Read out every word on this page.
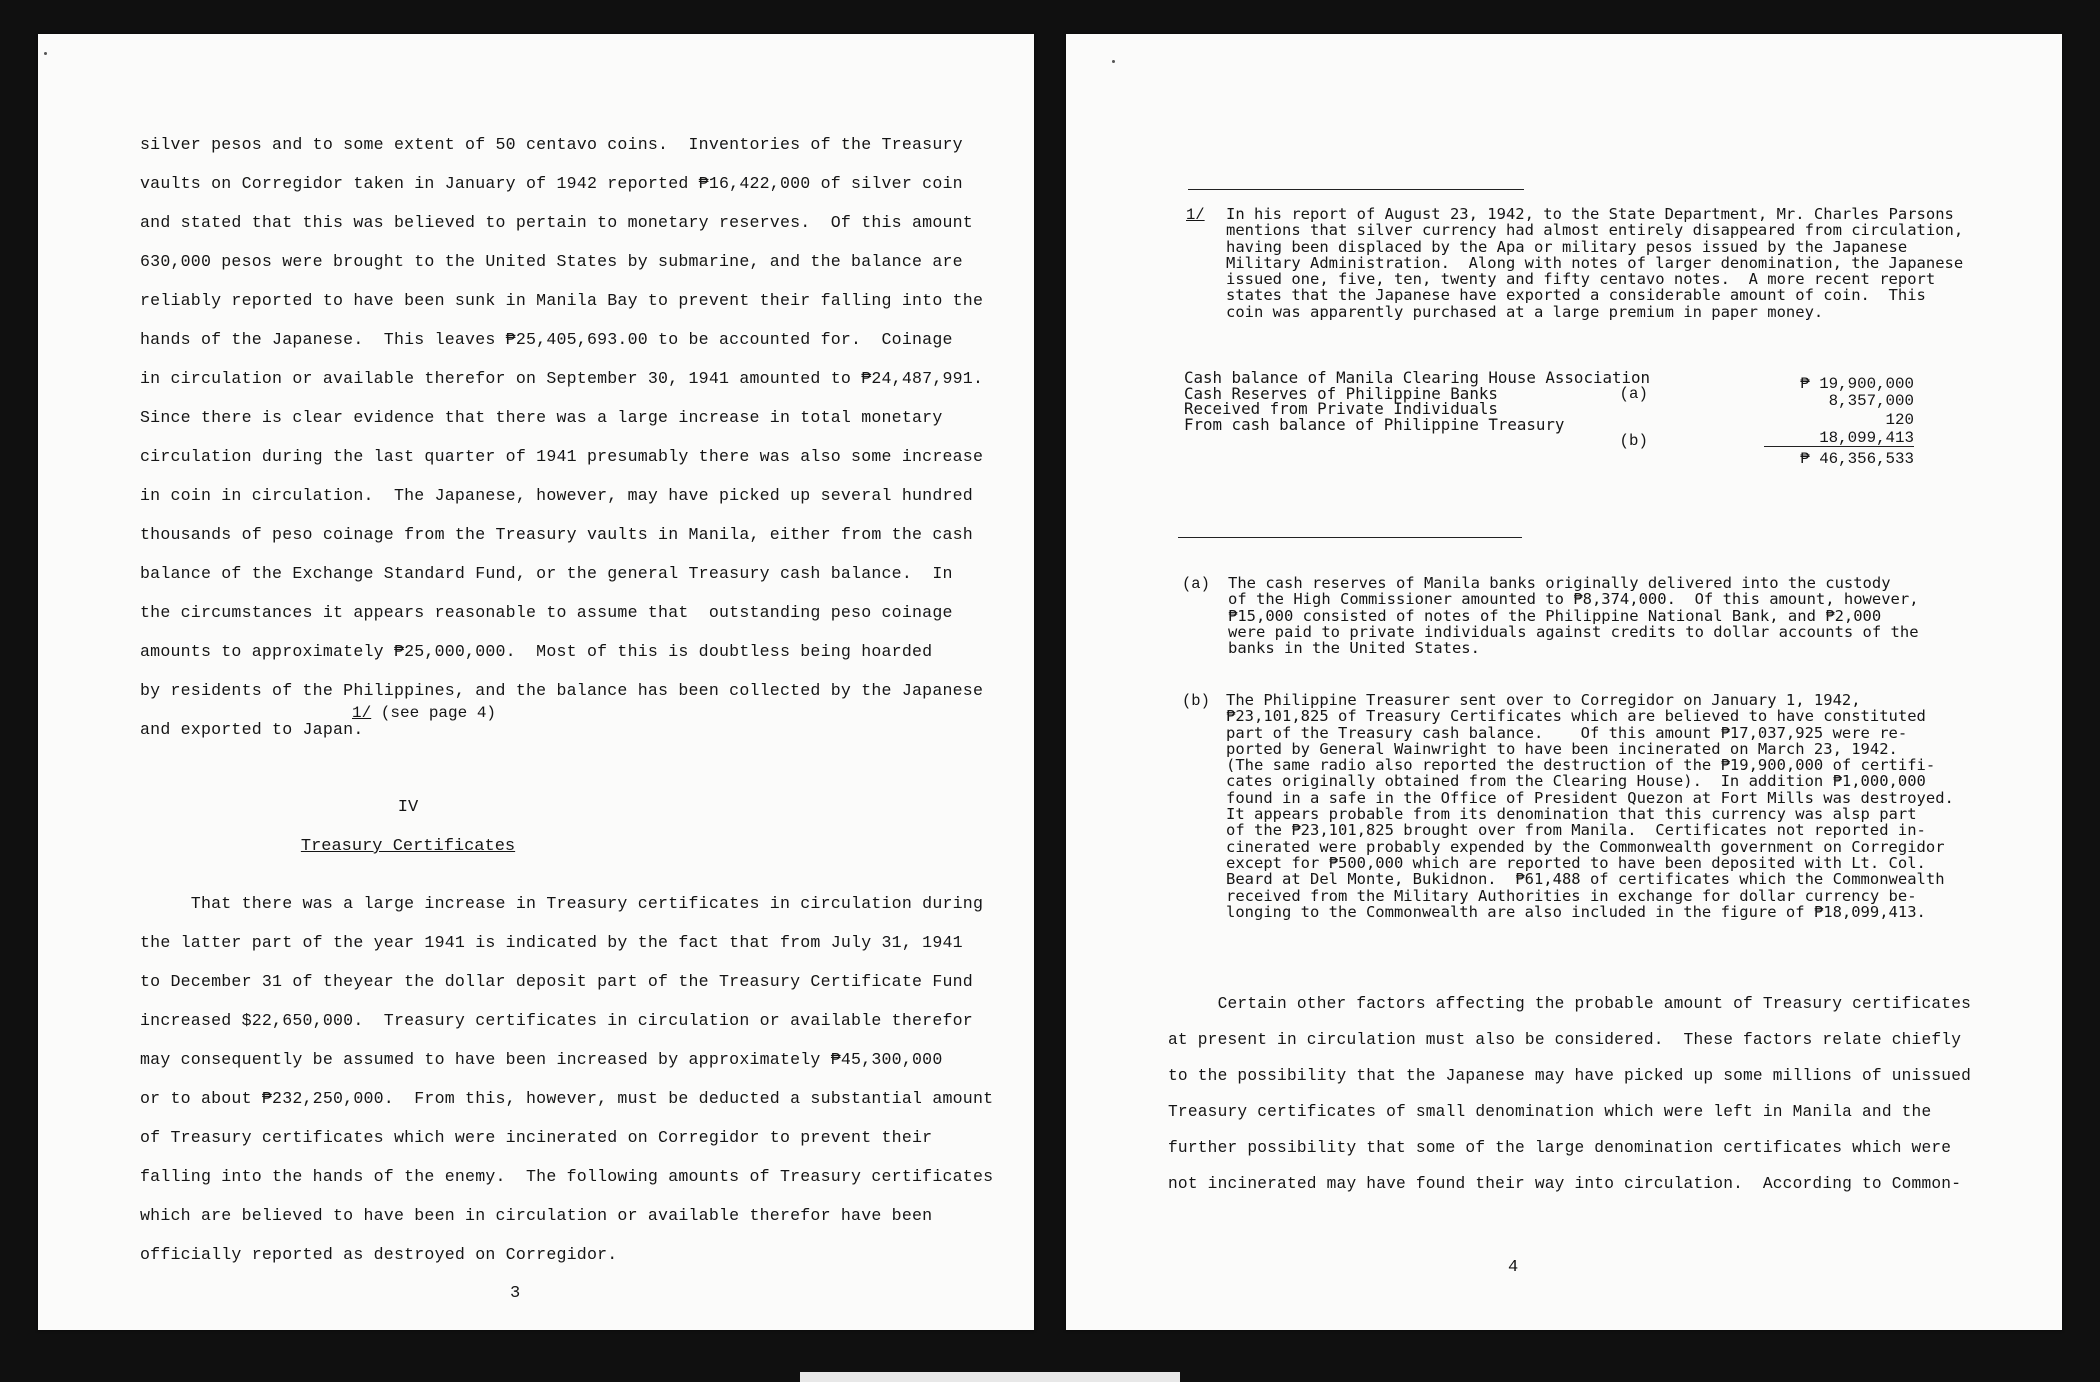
silver pesos and to some extent of 50 centavo coins.  Inventories of the Treasury
vaults on Corregidor taken in January of 1942 reported ₱16,422,000 of silver coin
and stated that this was believed to pertain to monetary reserves.  Of this amount
630,000 pesos were brought to the United States by submarine, and the balance are
reliably reported to have been sunk in Manila Bay to prevent their falling into the
hands of the Japanese.  This leaves ₱25,405,693.00 to be accounted for.  Coinage
in circulation or available therefor on September 30, 1941 amounted to ₱24,487,991.
Since there is clear evidence that there was a large increase in total monetary
circulation during the last quarter of 1941 presumably there was also some increase
in coin in circulation.  The Japanese, however, may have picked up several hundred
thousands of peso coinage from the Treasury vaults in Manila, either from the cash
balance of the Exchange Standard Fund, or the general Treasury cash balance.  In
the circumstances it appears reasonable to assume that  outstanding peso coinage
amounts to approximately ₱25,000,000.  Most of this is doubtless being hoarded
by residents of the Philippines, and the balance has been collected by the Japanese
and exported to Japan.
1/ (see page 4)
IV
Treasury Certificates
That there was a large increase in Treasury certificates in circulation during
the latter part of the year 1941 is indicated by the fact that from July 31, 1941
to December 31 of theyear the dollar deposit part of the Treasury Certificate Fund
increased $22,650,000.  Treasury certificates in circulation or available therefor
may consequently be assumed to have been increased by approximately ₱45,300,000
or to about ₱232,250,000.  From this, however, must be deducted a substantial amount
of Treasury certificates which were incinerated on Corregidor to prevent their
falling into the hands of the enemy.  The following amounts of Treasury certificates
which are believed to have been in circulation or available therefor have been
officially reported as destroyed on Corregidor.
3
1/ In his report of August 23, 1942, to the State Department, Mr. Charles Parsons
mentions that silver currency had almost entirely disappeared from circulation,
having been displaced by the Apa or military pesos issued by the Japanese
Military Administration.  Along with notes of larger denomination, the Japanese
issued one, five, ten, twenty and fifty centavo notes.  A more recent report
states that the Japanese have exported a considerable amount of coin.  This
coin was apparently purchased at a large premium in paper money.
Cash balance of Manila Clearing House Association
Cash Reserves of Philippine Banks
Received from Private Individuals
From cash balance of Philippine Treasury
(a)
(b)
₱ 19,900,000
8,357,000
120
18,099,413
₱ 46,356,533
(a) The cash reserves of Manila banks originally delivered into the custody
of the High Commissioner amounted to ₱8,374,000.  Of this amount, however,
₱15,000 consisted of notes of the Philippine National Bank, and ₱2,000
were paid to private individuals against credits to dollar accounts of the
banks in the United States.
(b) The Philippine Treasurer sent over to Corregidor on January 1, 1942,
₱23,101,825 of Treasury Certificates which are believed to have constituted
part of the Treasury cash balance.    Of this amount ₱17,037,925 were re-
ported by General Wainwright to have been incinerated on March 23, 1942.
(The same radio also reported the destruction of the ₱19,900,000 of certifi-
cates originally obtained from the Clearing House).  In addition ₱1,000,000
found in a safe in the Office of President Quezon at Fort Mills was destroyed.
It appears probable from its denomination that this currency was alsp part
of the ₱23,101,825 brought over from Manila.  Certificates not reported in-
cinerated were probably expended by the Commonwealth government on Corregidor
except for ₱500,000 which are reported to have been deposited with Lt. Col.
Beard at Del Monte, Bukidnon.  ₱61,488 of certificates which the Commonwealth
received from the Military Authorities in exchange for dollar currency be-
longing to the Commonwealth are also included in the figure of ₱18,099,413.
Certain other factors affecting the probable amount of Treasury certificates
at present in circulation must also be considered.  These factors relate chiefly
to the possibility that the Japanese may have picked up some millions of unissued
Treasury certificates of small denomination which were left in Manila and the
further possibility that some of the large denomination certificates which were
not incinerated may have found their way into circulation.  According to Common-
4
